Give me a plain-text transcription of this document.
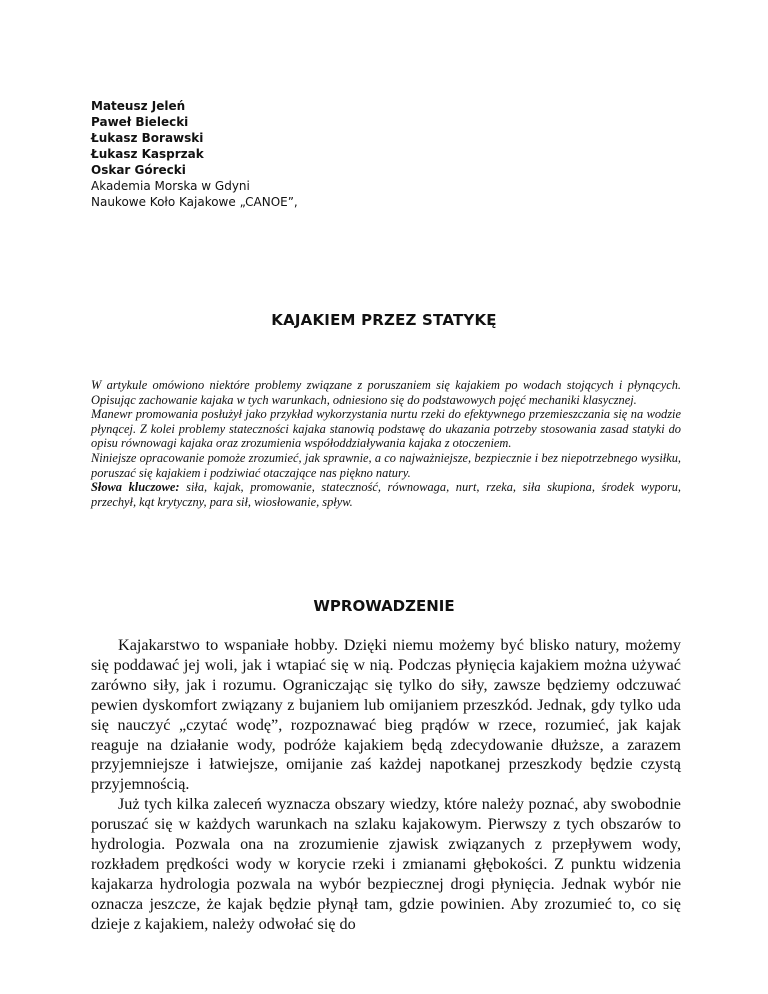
Mateusz Jeleń
Paweł Bielecki
Łukasz Borawski
Łukasz Kasprzak
Oskar Górecki
Akademia Morska w Gdyni
Naukowe Koło Kajakowe „CANOE”,
KAJAKIEM PRZEZ STATYKĘ

W artykule omówiono niektóre problemy związane z poruszaniem się kajakiem po wodach stojących i płynących. Opisując zachowanie kajaka w tych warunkach, odniesiono się do podstawowych pojęć mechaniki klasycznej.

Manewr promowania posłużył jako przykład wykorzystania nurtu rzeki do efektywnego przemieszczania się na wodzie płynącej. Z kolei problemy stateczności kajaka stanowią podstawę do ukazania potrzeby stosowania zasad statyki do opisu równowagi kajaka oraz zrozumienia współoddziaływania kajaka z otoczeniem.

Niniejsze opracowanie pomoże zrozumieć, jak sprawnie, a co najważniejsze, bezpiecznie i bez niepotrzebnego wysiłku, poruszać się kajakiem i podziwiać otaczające nas piękno natury.

Słowa kluczowe: siła, kajak, promowanie, stateczność, równowaga, nurt, rzeka, siła skupiona, środek wyporu, przechył, kąt krytyczny, para sił, wiosłowanie, spływ.

WPROWADZENIE

Kajakarstwo to wspaniałe hobby. Dzięki niemu możemy być blisko natury, możemy się poddawać jej woli, jak i wtapiać się w nią. Podczas płynięcia kajakiem można używać zarówno siły, jak i rozumu. Ograniczając się tylko do siły, zawsze będziemy odczuwać pewien dyskomfort związany z bujaniem lub omijaniem przeszkód. Jednak, gdy tylko uda się nauczyć „czytać wodę”, rozpoznawać bieg prądów w rzece, rozumieć, jak kajak reaguje na działanie wody, podróże kajakiem będą zdecydowanie dłuższe, a zarazem przyjemniejsze i łatwiejsze, omijanie zaś każdej napotkanej przeszkody będzie czystą przyjemnością.

Już tych kilka zaleceń wyznacza obszary wiedzy, które należy poznać, aby swobodnie poruszać się w każdych warunkach na szlaku kajakowym. Pierwszy z tych obszarów to hydrologia. Pozwala ona na zrozumienie zjawisk związanych z przepływem wody, rozkładem prędkości wody w korycie rzeki i zmianami głębokości. Z punktu widzenia kajakarza hydrologia pozwala na wybór bezpiecznej drogi płynięcia. Jednak wybór nie oznacza jeszcze, że kajak będzie płynął tam, gdzie powinien. Aby zrozumieć to, co się dzieje z kajakiem, należy odwołać się do
